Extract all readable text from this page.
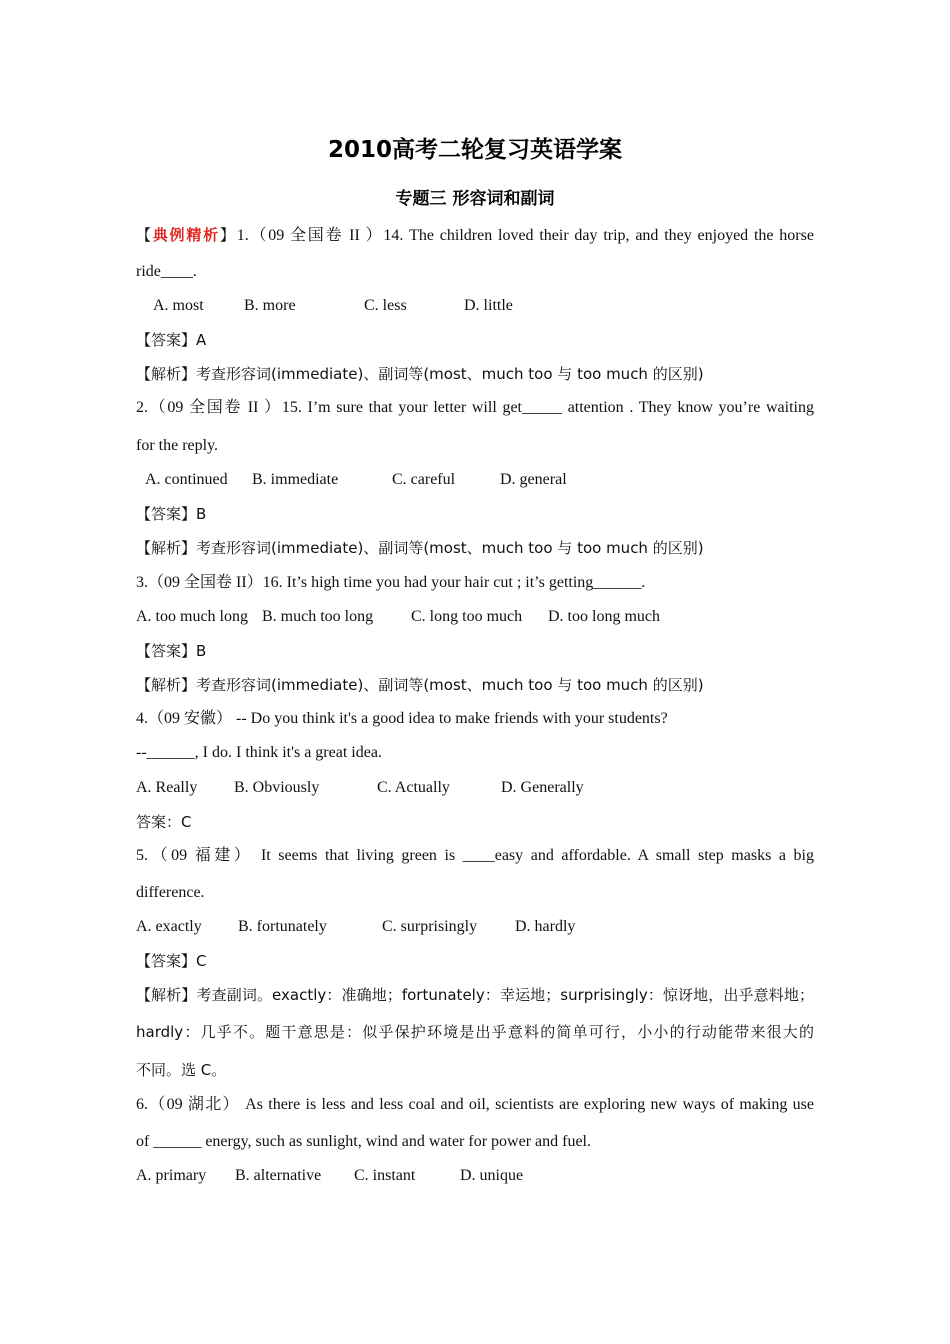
2010高考二轮复习英语学案
专题三 形容词和副词
【典例精析】1.（09 全国卷 II ）14. The children loved their day trip, and they enjoyed the horse
ride____.
A. most	B. more	C. less	D. little
【答案】A
【解析】考查形容词(immediate)、副词等(most、much too 与 too much 的区别)
2.（09 全国卷 II ）15. I’m sure that your letter will get_____ attention . They know you’re waiting
for the reply.
A. continued B. immediate	C. careful	D. general
【答案】B
【解析】考查形容词(immediate)、副词等(most、much too 与 too much 的区别)
3.（09 全国卷 II）16. It’s high time you had your hair cut ; it’s getting______.
A. too much long B. much too long C. long too much D. too long much
【答案】B
【解析】考查形容词(immediate)、副词等(most、much too 与 too much 的区别)
4.（09 安徽） -- Do you think it's a good idea to make friends with your students?
--______, I do. I think it's a great idea.
A. Really B. Obviously	C. Actually	D. Generally
答案：C
5.（09 福建） It seems that living green is ____easy and affordable. A small step masks a big
difference.
A. exactly B. fortunately	C. surprisingly D. hardly
【答案】C
【解析】考查副词。exactly：准确地；fortunately：幸运地；surprisingly：惊讶地，出乎意料地；
hardly：几乎不。题干意思是：似乎保护环境是出乎意料的简单可行，小小的行动能带来很大的
不同。选 C。
6.（09 湖北） As there is less and less coal and oil, scientists are exploring new ways of making use
of ______ energy, such as sunlight, wind and water for power and fuel.
A. primary B. alternative C. instant	D. unique
